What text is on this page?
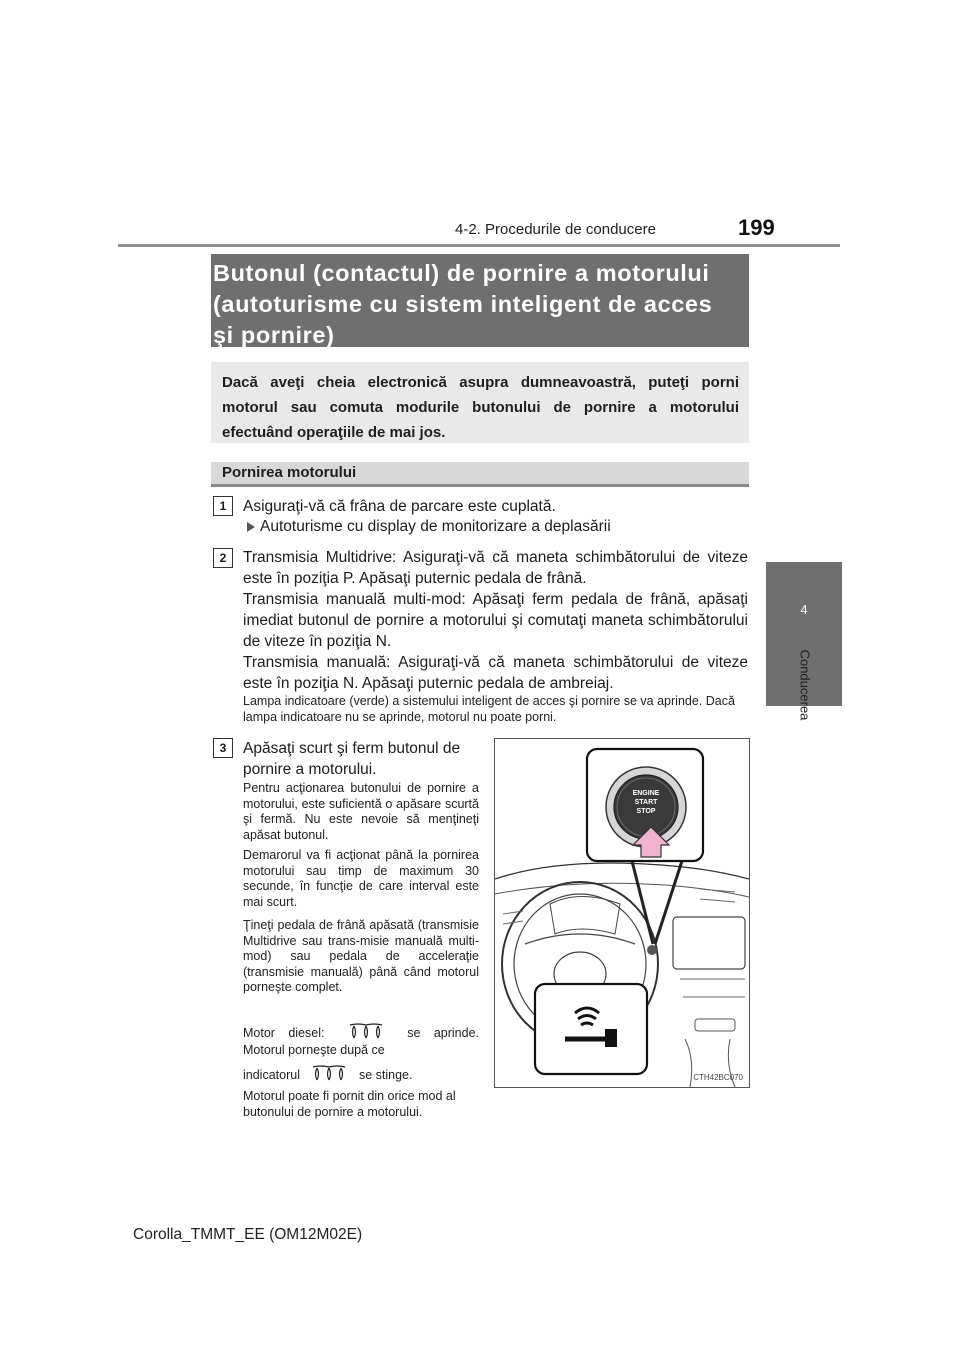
4-2. Procedurile de conducere	199
4
Conducerea
Butonul (contactul) de pornire a motorului
(autoturisme cu sistem inteligent de acces
şi pornire)
Dacă aveţi cheia electronică asupra dumneavoastră, puteţi porni motorul sau comuta modurile butonului de pornire a motorului efectuând operaţiile de mai jos.
Pornirea motorului
1	Asiguraţi-vă că frâna de parcare este cuplată.
Autoturisme cu display de monitorizare a deplasării
2	Transmisia Multidrive: Asiguraţi-vă că maneta schimbătorului de viteze este în poziţia P. Apăsaţi puternic pedala de frână.
Transmisia manuală multi-mod: Apăsaţi ferm pedala de frână, apăsaţi imediat butonul de pornire a motorului şi comutaţi maneta schimbătorului de viteze în poziţia N.
Transmisia manuală: Asiguraţi-vă că maneta schimbătorului de viteze este în poziţia N. Apăsaţi puternic pedala de ambreiaj.
Lampa indicatoare (verde) a sistemului inteligent de acces şi pornire se va aprinde. Dacă lampa indicatoare nu se aprinde, motorul nu poate porni.
3	Apăsaţi scurt şi ferm butonul de pornire a motorului.
Pentru acţionarea butonului de pornire a motorului, este suficientă o apăsare scurtă şi fermă. Nu este nevoie să menţineţi apăsat butonul.
Demarorul va fi acţionat până la pornirea motorului sau timp de maximum 30 secunde, în funcţie de care interval este mai scurt.
Ţineţi pedala de frână apăsată (transmisie Multidrive sau trans-misie manuală multi-mod) sau pedala de acceleraţie (transmisie manuală) până când motorul porneşte complet.
Motor diesel:	se aprinde. Motorul porneşte după ce
indicatorul	se stinge.
Motorul poate fi pornit din orice mod al butonului de pornire a motorului.
ENGINE
START
STOP
CTH42BC070
Corolla_TMMT_EE (OM12M02E)
